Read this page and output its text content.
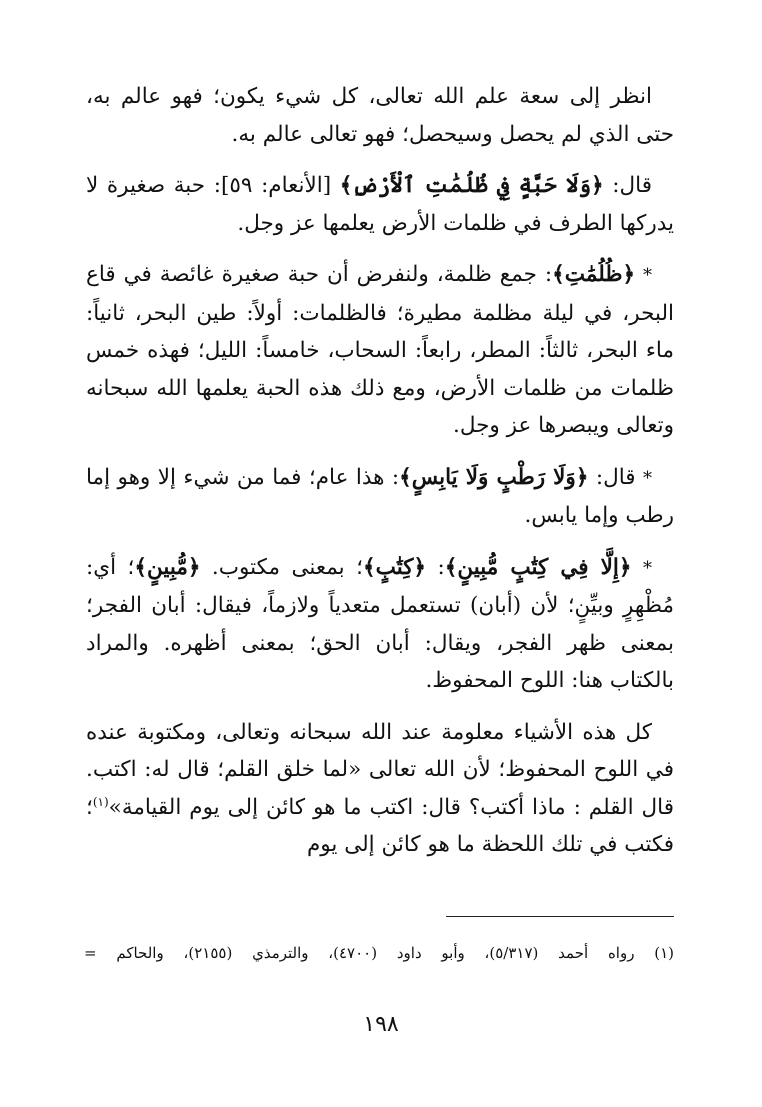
انظر إلى سعة علم الله تعالى، كل شيء يكون؛ فهو عالم به، حتى الذي لم يحصل وسيحصل؛ فهو تعالى عالم به.

قال: ﴿وَلَا حَبَّةٍ فِي ظُلُمَٰتِ ٱلْأَرْضِ﴾ [الأنعام: ٥٩]: حبة صغيرة لا يدركها الطرف في ظلمات الأرض يعلمها عز وجل.

* ﴿ظُلُمَٰتِ﴾: جمع ظلمة، ولنفرض أن حبة صغيرة غائصة في قاع البحر، في ليلة مظلمة مطيرة؛ فالظلمات: أولاً: طين البحر، ثانياً: ماء البحر، ثالثاً: المطر، رابعاً: السحاب، خامساً: الليل؛ فهذه خمس ظلمات من ظلمات الأرض، ومع ذلك هذه الحبة يعلمها الله سبحانه وتعالى ويبصرها عز وجل.

* قال: ﴿وَلَا رَطْبٍ وَلَا يَابِسٍ﴾: هذا عام؛ فما من شيء إلا وهو إما رطب وإما يابس.

* ﴿إِلَّا فِي كِتَٰبٍ مُّبِينٍ﴾: ﴿كِتَٰبٍ﴾؛ بمعنى مكتوب. ﴿مُّبِينٍ﴾؛ أي: مُظْهِرٍ وبيِّنٍ؛ لأن (أبان) تستعمل متعدياً ولازماً، فيقال: أبان الفجر؛ بمعنى ظهر الفجر، ويقال: أبان الحق؛ بمعنى أظهره. والمراد بالكتاب هنا: اللوح المحفوظ.

كل هذه الأشياء معلومة عند الله سبحانه وتعالى، ومكتوبة عنده في اللوح المحفوظ؛ لأن الله تعالى «لما خلق القلم؛ قال له: اكتب. قال القلم : ماذا أكتب؟ قال: اكتب ما هو كائن إلى يوم القيامة»$^{(١)}$؛ فكتب في تلك اللحظة ما هو كائن إلى يوم

(١) رواه أحمد (٥/٣١٧)، وأبو داود (٤٧٠٠)، والترمذي (٢١٥٥)، والحاكم =
١٩٨
